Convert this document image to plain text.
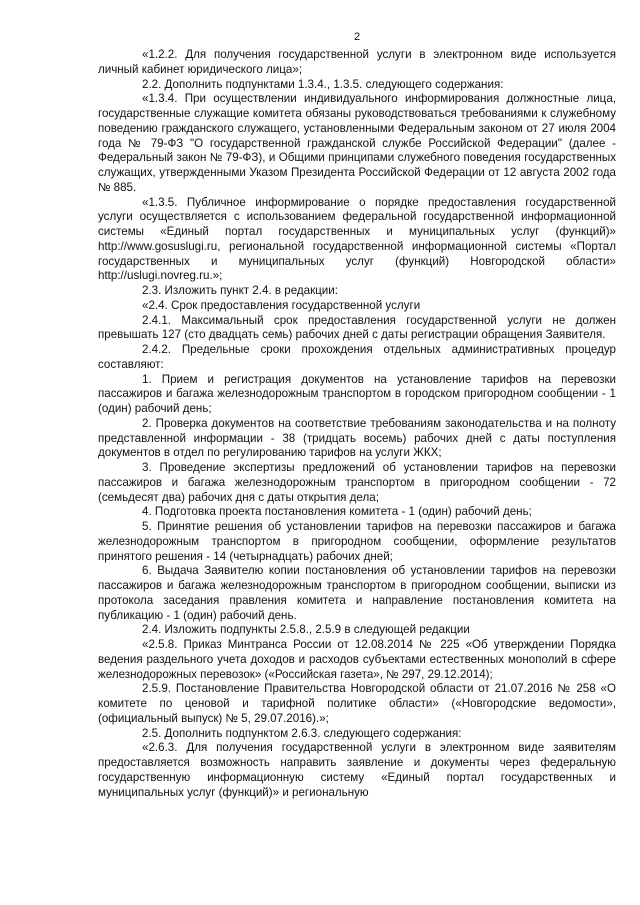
2

«1.2.2. Для получения государственной услуги в электронном виде используется личный кабинет юридического лица»;

2.2. Дополнить подпунктами 1.3.4., 1.3.5. следующего содержания:

«1.3.4. При осуществлении индивидуального информирования должностные лица, государственные служащие комитета обязаны руководствоваться требованиями к служебному поведению гражданского служащего, установленными Федеральным законом от 27 июля 2004 года № 79-ФЗ "О государственной гражданской службе Российской Федерации" (далее - Федеральный закон № 79-ФЗ), и Общими принципами служебного поведения государственных служащих, утвержденными Указом Президента Российской Федерации от 12 августа 2002 года № 885.

«1.3.5. Публичное информирование о порядке предоставления государственной услуги осуществляется с использованием федеральной государственной информационной системы «Единый портал государственных и муниципальных услуг (функций)» http://www.gosuslugi.ru, региональной государственной информационной системы «Портал государственных и муниципальных услуг (функций) Новгородской области» http://uslugi.novreg.ru.»;

2.3. Изложить пункт 2.4. в редакции:

«2.4. Срок предоставления государственной услуги

2.4.1. Максимальный срок предоставления государственной услуги не должен превышать 127 (сто двадцать семь) рабочих дней с даты регистрации обращения Заявителя.

2.4.2. Предельные сроки прохождения отдельных административных процедур составляют:

1. Прием и регистрация документов на установление тарифов на перевозки пассажиров и багажа железнодорожным транспортом в городском пригородном сообщении - 1 (один) рабочий день;

2. Проверка документов на соответствие требованиям законодательства и на полноту представленной информации - 38 (тридцать восемь) рабочих дней с даты поступления документов в отдел по регулированию тарифов на услуги ЖКХ;

3. Проведение экспертизы предложений об установлении тарифов на перевозки пассажиров и багажа железнодорожным транспортом в пригородном сообщении - 72 (семьдесят два) рабочих дня с даты открытия дела;

4. Подготовка проекта постановления комитета - 1 (один) рабочий день;

5. Принятие решения об установлении тарифов на перевозки пассажиров и багажа железнодорожным транспортом в пригородном сообщении, оформление результатов принятого решения - 14 (четырнадцать) рабочих дней;

6. Выдача Заявителю копии постановления об установлении тарифов на перевозки пассажиров и багажа железнодорожным транспортом в пригородном сообщении, выписки из протокола заседания правления комитета и направление постановления комитета на публикацию - 1 (один) рабочий день.

2.4. Изложить подпункты 2.5.8., 2.5.9 в следующей редакции

«2.5.8. Приказ Минтранса России от 12.08.2014 № 225 «Об утверждении Порядка ведения раздельного учета доходов и расходов субъектами естественных монополий в сфере железнодорожных перевозок» («Российская газета», № 297, 29.12.2014);

2.5.9. Постановление Правительства Новгородской области от 21.07.2016 № 258 «О комитете по ценовой и тарифной политике области» («Новгородские ведомости», (официальный выпуск) № 5, 29.07.2016).»;

2.5. Дополнить подпунктом 2.6.3. следующего содержания:

«2.6.3. Для получения государственной услуги в электронном виде заявителям предоставляется возможность направить заявление и документы через федеральную государственную информационную систему «Единый портал государственных и муниципальных услуг (функций)» и региональную
